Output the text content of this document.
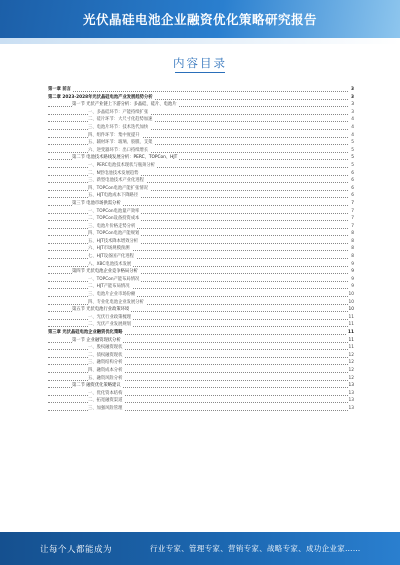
光伏晶硅电池企业融资优化策略研究报告
内容目录
第一章 前言	3
第二章 2023-2028年光伏晶硅电池产业发展趋势分析	3
第一节 光伏产业链上下游分析：多晶硅、硅片、电池片	3
一、多晶硅环节：产能持续扩张	3
二、硅片环节：大尺寸化趋势加速	4
三、电池片环节：技术迭代加快	4
四、组件环节：集中度提升	4
五、辅材环节：玻璃、胶膜、支架	5
六、逆变器环节：出口持续增长	5
第二节 电池技术路线发展分析：PERC、TOPCon、HJT	5
一、PERC电池技术现状与瓶颈分析	5
二、N型电池技术发展趋势	6
三、新型电池技术产业化进程	6
四、TOPCon电池产能扩张情况	6
五、HJT电池成本下降路径	6
第三节 电池市场供需分析	7
一、TOPCon电池量产效率	7
二、TOPCon设备投资成本	7
三、电池片价格走势分析	7
四、TOPCon电池产能规划	8
五、HJT技术降本增效分析	8
六、HJT市场规模预测	8
七、HJT设备国产化进程	8
八、XBC电池技术发展	9
第四节 光伏电池企业竞争格局分析	9
一、TOPCon产能布局情况	9
二、HJT产能布局情况	9
三、电池片企业市场份额	10
四、专业化电池企业发展分析	10
第五节 光伏电池行业政策环境	10
一、光伏行业政策梳理	11
二、光伏产业发展规划	11
第三章 光伏晶硅电池企业融资优化策略	11
第一节 企业融资现状分析	11
一、股权融资现状	11
二、债权融资现状	12
三、融资结构分析	12
四、融资成本分析	12
五、融资风险分析	12
第二节 融资优化策略建议	13
一、优化资本结构	13
二、拓宽融资渠道	13
三、加强风险管理	13
让每个人都能成为	行业专家、管理专家、营销专家、战略专家、成功企业家……
